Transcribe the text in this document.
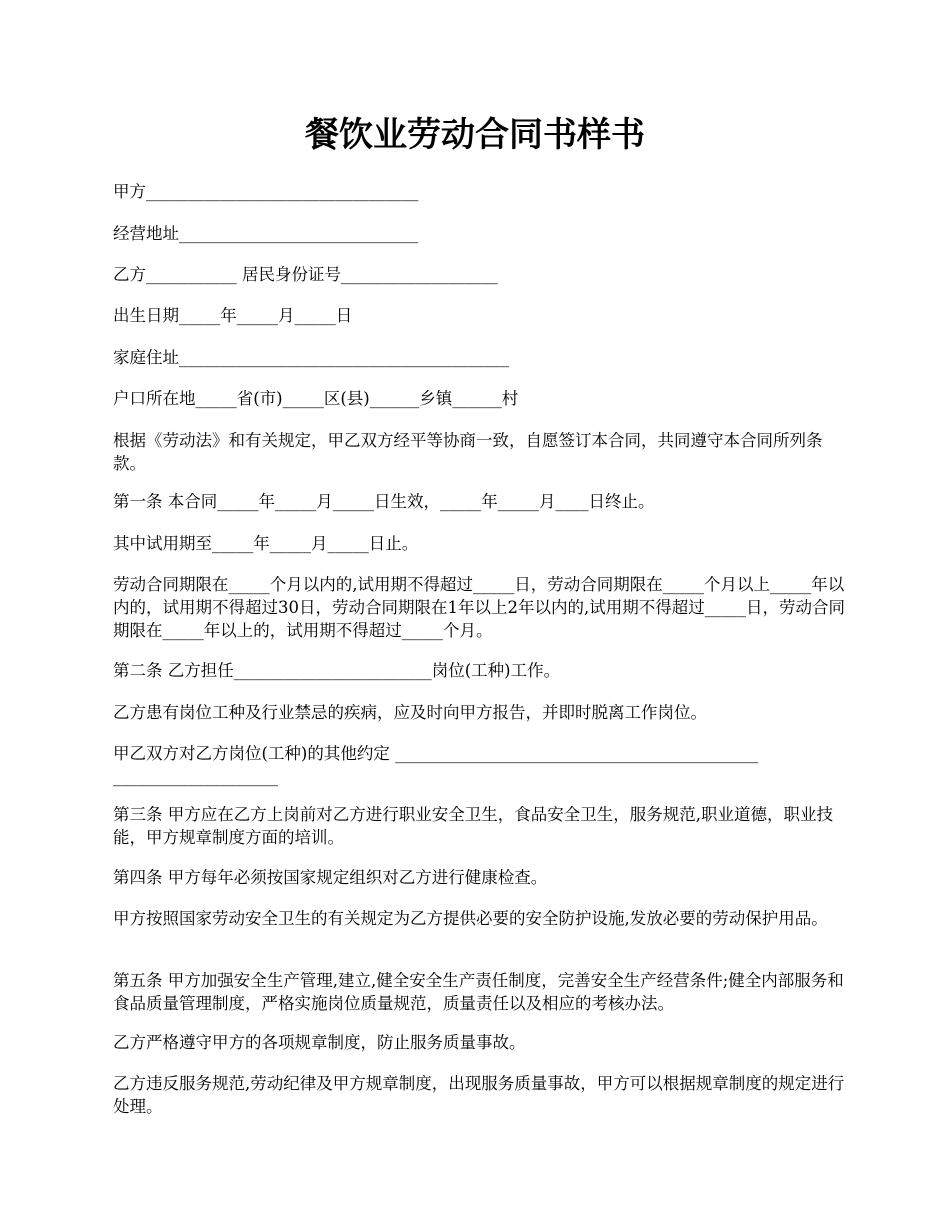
餐饮业劳动合同书样书

甲方_________________________________

经营地址_____________________________

乙方___________ 居民身份证号___________________

出生日期_____年_____月_____日

家庭住址________________________________________

户口所在地_____省(市)_____区(县)______乡镇______村

根据《劳动法》和有关规定，甲乙双方经平等协商一致，自愿签订本合同，共同遵守本合同所列条款。

第一条 本合同_____年_____月_____日生效，_____年_____月____日终止。

其中试用期至_____年_____月_____日止。

劳动合同期限在_____个月以内的,试用期不得超过_____日，劳动合同期限在_____个月以上_____年以内的，试用期不得超过30日，劳动合同期限在1年以上2年以内的,试用期不得超过_____日，劳动合同期限在_____年以上的，试用期不得超过_____个月。

第二条 乙方担任________________________岗位(工种)工作。

乙方患有岗位工种及行业禁忌的疾病，应及时向甲方报告，并即时脱离工作岗位。

甲乙双方对乙方岗位(工种)的其他约定 ____________________________________________ ____________________

第三条 甲方应在乙方上岗前对乙方进行职业安全卫生，食品安全卫生，服务规范,职业道德，职业技能，甲方规章制度方面的培训。

第四条 甲方每年必须按国家规定组织对乙方进行健康检查。

甲方按照国家劳动安全卫生的有关规定为乙方提供必要的安全防护设施,发放必要的劳动保护用品。

第五条 甲方加强安全生产管理,建立,健全安全生产责任制度，完善安全生产经营条件;健全内部服务和食品质量管理制度，严格实施岗位质量规范，质量责任以及相应的考核办法。

乙方严格遵守甲方的各项规章制度，防止服务质量事故。

乙方违反服务规范,劳动纪律及甲方规章制度，出现服务质量事故，甲方可以根据规章制度的规定进行处理。
